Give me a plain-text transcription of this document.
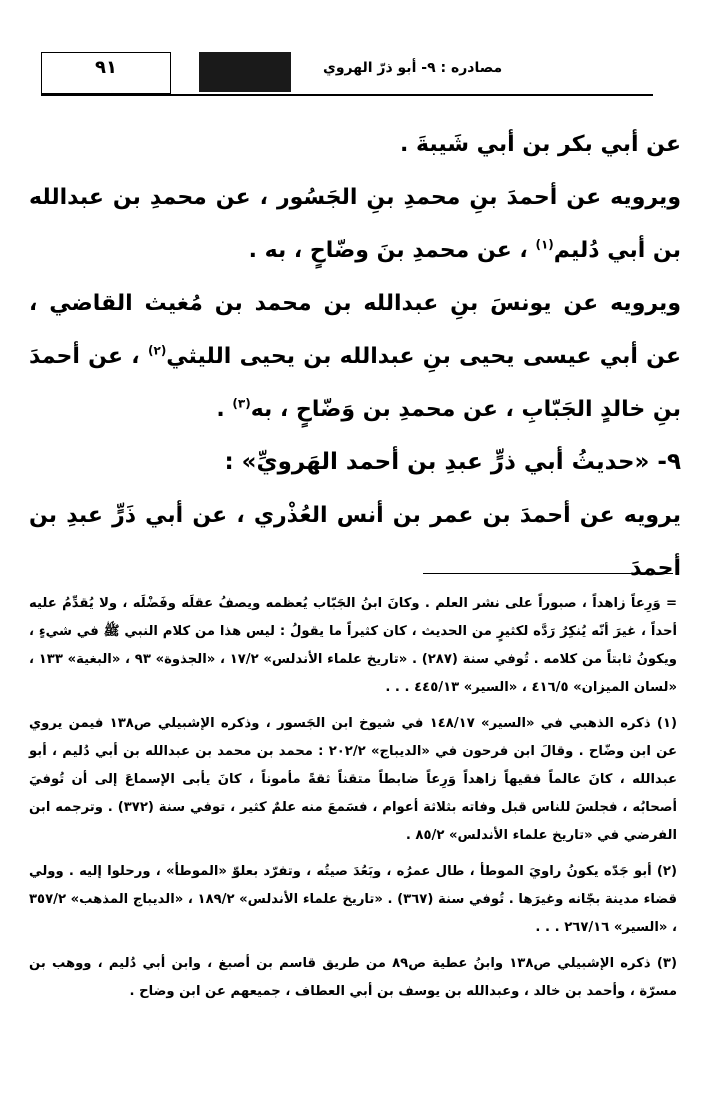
٩١	مصادره : ٩- أبو ذرّ الهروي

عن أبي بكر بن أبي شَيبةَ .

ويرويه عن أحمدَ بنِ محمدِ بنِ الجَسُور ، عن محمدِ بن عبدالله بن أبي دُليم$^{(١)}$ ، عن محمدِ بنَ وضّاحٍ ، به .

ويرويه عن يونسَ بنِ عبدالله بن محمد بن مُغيث القاضي ، عن أبي عيسى يحيى بنِ عبدالله بن يحيى الليثي$^{(٢)}$ ، عن أحمدَ بنِ خالدٍ الجَبّابِ ، عن محمدِ بن وَضّاحٍ ، به$^{(٣)}$ .

٩- «حديثُ أبي ذرٍّ عبدِ بن أحمد الهَرويِّ» :

يرويه عن أحمدَ بن عمر بن أنس العُذْري ، عن أبي ذَرٍّ عبدِ بن أحمدَ

= وَرِعاً زاهداً ، صبوراً على نشر العلم . وكانَ ابنُ الجَبّاب يُعظمه ويصفُ عقلَه وفَضْلَه ، ولا يُقدِّمُ عليه أحداً ، غيرَ أنّه يُنكِرُ رَدَّه لكثيرٍ من الحديث ، كان كثيراً ما يقولُ : ليس هذا من كلام النبي ﷺ في شيءٍ ، ويكونُ ثابتاً من كلامه . تُوفي سنة (٢٨٧) . «تاريخ علماء الأندلس» ١٧/٢ ، «الجذوة» ٩٣ ، «البغية» ١٣٣ ، «لسان الميزان» ٤١٦/٥ ، «السير» ٤٤٥/١٣ . . .

(١) ذكره الذهبي في «السير» ١٤٨/١٧ في شيوخ ابن الجَسور ، وذكره الإشبيلي ص١٣٨ فيمن يروي عن ابن وضّاح . وقالَ ابن فرحون في «الديباج» ٢٠٢/٢ : محمد بن محمد بن عبدالله بن أبي دُليم ، أبو عبدالله ، كانَ عالماً فقيهاً زاهداً وَرِعاً ضابطاً متقناً ثقةً مأموناً ، كانَ يأبى الإسماعَ إلى أن تُوفيَ أصحابُه ، فجلسَ للناس قبل وفاته بثلاثة أعوام ، فسَمعَ منه علمٌ كثير ، توفي سنة (٣٧٢) . وترجمه ابن الفرضي في «تاريخ علماء الأندلس» ٨٥/٢ .

(٢) أبو جَدّه يكونُ راويَ الموطأ ، طال عمرُه ، وبَعُدَ صيتُه ، وتفرّد بعلوّ «الموطأ» ، ورحلوا إليه . وولي قضاء مدينة بجّانه وغيرَها . تُوفي سنة (٣٦٧) . «تاريخ علماء الأندلس» ١٨٩/٢ ، «الديباج المذهب» ٣٥٧/٢ ، «السير» ٢٦٧/١٦ . . .

(٣) ذكره الإشبيلي ص١٣٨ وابنُ عطية ص٨٩ من طريق قاسم بن أصبغ ، وابن أبي دُليم ، ووهب بن مسرّة ، وأحمد بن خالد ، وعبدالله بن يوسف بن أبي العطاف ، جميعهم عن ابن وضاح .
